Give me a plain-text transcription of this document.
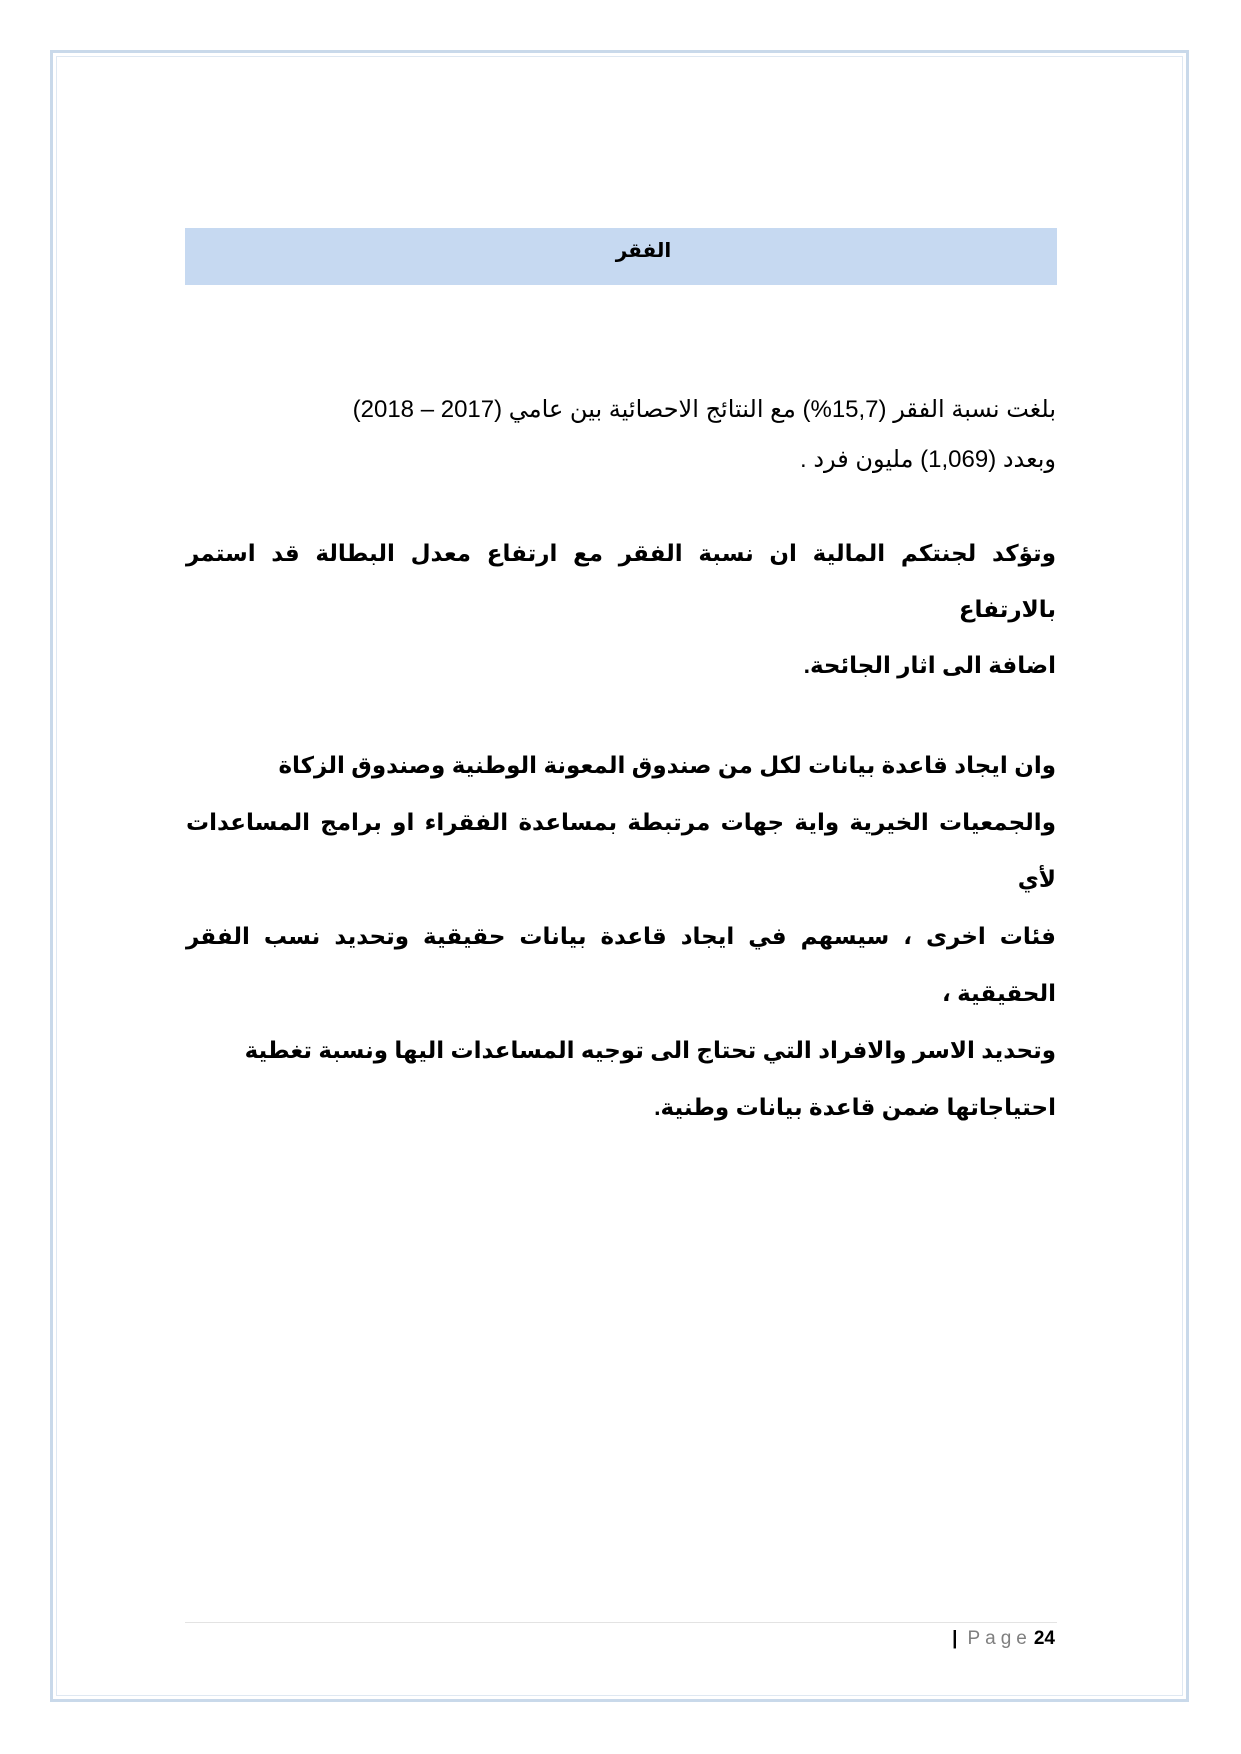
الفقر
بلغت نسبة الفقر (15,7%) مع النتائج الاحصائية بين عامي (2017 – 2018)
وبعدد (1,069) مليون فرد .
وتؤكد لجنتكم المالية ان نسبة الفقر مع ارتفاع معدل البطالة قد استمر بالارتفاع
اضافة الى اثار الجائحة.
وان ايجاد قاعدة بيانات لكل من صندوق المعونة الوطنية وصندوق الزكاة
والجمعيات الخيرية واية جهات مرتبطة بمساعدة الفقراء او برامج المساعدات لأي
فئات اخرى ، سيسهم في ايجاد قاعدة بيانات حقيقية وتحديد نسب الفقر الحقيقية ،
وتحديد الاسر والافراد التي تحتاج الى توجيه المساعدات اليها ونسبة تغطية
احتياجاتها ضمن قاعدة بيانات وطنية.
| Page 24
